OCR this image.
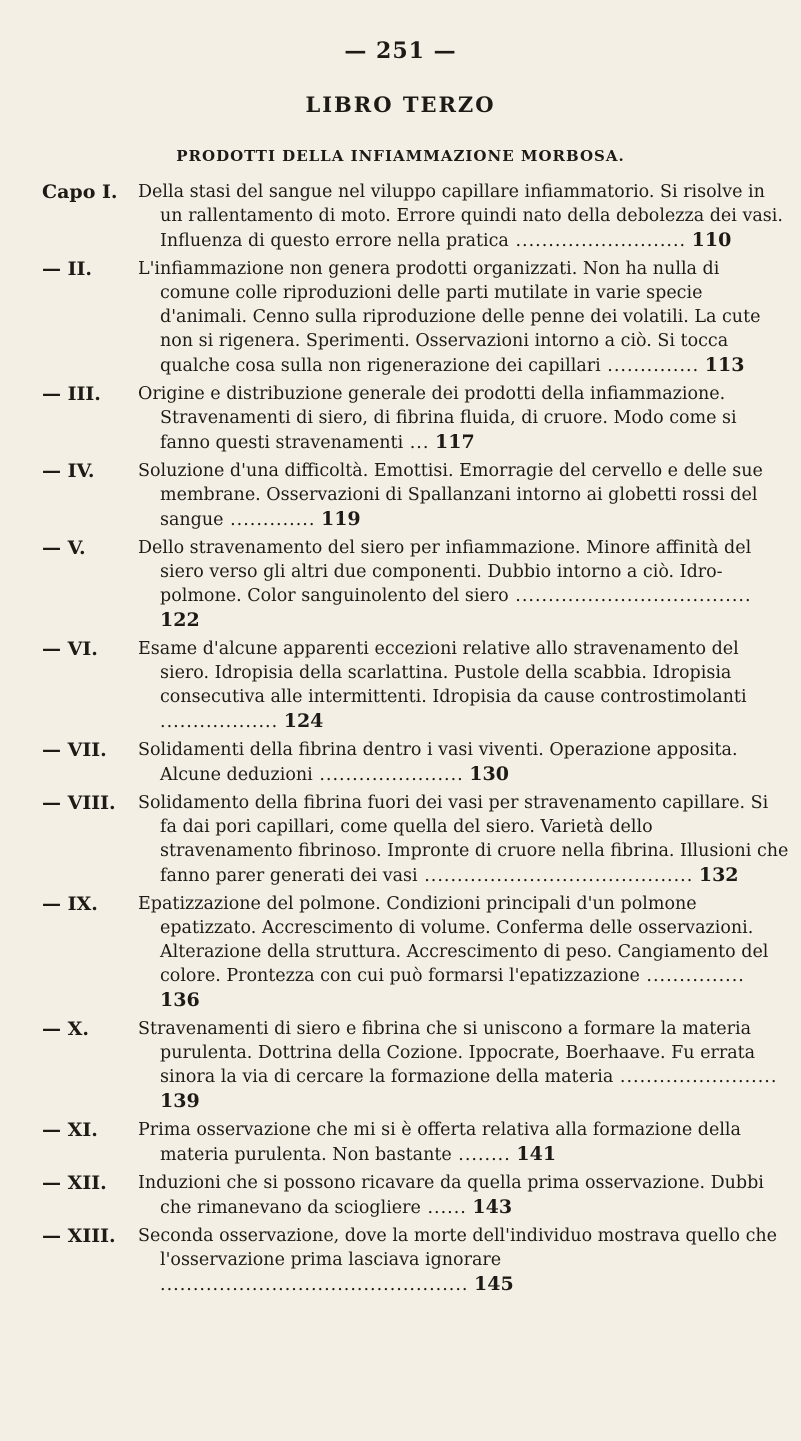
— 251 —
LIBRO TERZO
PRODOTTI DELLA INFIAMMAZIONE MORBOSA.
Capo I.	Della stasi del sangue nel viluppo capillare infiammatorio. Si risolve in un rallentamento di moto. Errore quindi nato della debolezza dei vasi. Influenza di questo errore nella pratica .......................... 110
— II.	L'infiammazione non genera prodotti organizzati. Non ha nulla di comune colle riproduzioni delle parti mutilate in varie specie d'animali. Cenno sulla riproduzione delle penne dei volatili. La cute non si rigenera. Sperimenti. Osservazioni intorno a ciò. Si tocca qualche cosa sulla non rigenerazione dei capillari .............. 113
— III.	Origine e distribuzione generale dei prodotti della infiammazione. Stravenamenti di siero, di fibrina fluida, di cruore. Modo come si fanno questi stravenamenti ... 117
— IV.	Soluzione d'una difficoltà. Emottisi. Emorragie del cervello e delle sue membrane. Osservazioni di Spallanzani intorno ai globetti rossi del sangue ............. 119
— V.	Dello stravenamento del siero per infiammazione. Minore affinità del siero verso gli altri due componenti. Dubbio intorno a ciò. Idro-polmone. Color sanguinolento del siero .................................... 122
— VI.	Esame d'alcune apparenti eccezioni relative allo stravenamento del siero. Idropisia della scarlattina. Pustole della scabbia. Idropisia consecutiva alle intermittenti. Idropisia da cause controstimolanti .................. 124
— VII.	Solidamenti della fibrina dentro i vasi viventi. Operazione apposita. Alcune deduzioni ...................... 130
— VIII.	Solidamento della fibrina fuori dei vasi per stravenamento capillare. Si fa dai pori capillari, come quella del siero. Varietà dello stravenamento fibrinoso. Impronte di cruore nella fibrina. Illusioni che fanno parer generati dei vasi ......................................... 132
— IX.	Epatizzazione del polmone. Condizioni principali d'un polmone epatizzato. Accrescimento di volume. Conferma delle osservazioni. Alterazione della struttura. Accrescimento di peso. Cangiamento del colore. Prontezza con cui può formarsi l'epatizzazione ............... 136
— X.	Stravenamenti di siero e fibrina che si uniscono a formare la materia purulenta. Dottrina della Cozione. Ippocrate, Boerhaave. Fu errata sinora la via di cercare la formazione della materia ........................ 139
— XI.	Prima osservazione che mi si è offerta relativa alla formazione della materia purulenta. Non bastante ........ 141
— XII.	Induzioni che si possono ricavare da quella prima osservazione. Dubbi che rimanevano da sciogliere ...... 143
— XIII.	Seconda osservazione, dove la morte dell'individuo mostrava quello che l'osservazione prima lasciava ignorare ............................................... 145
